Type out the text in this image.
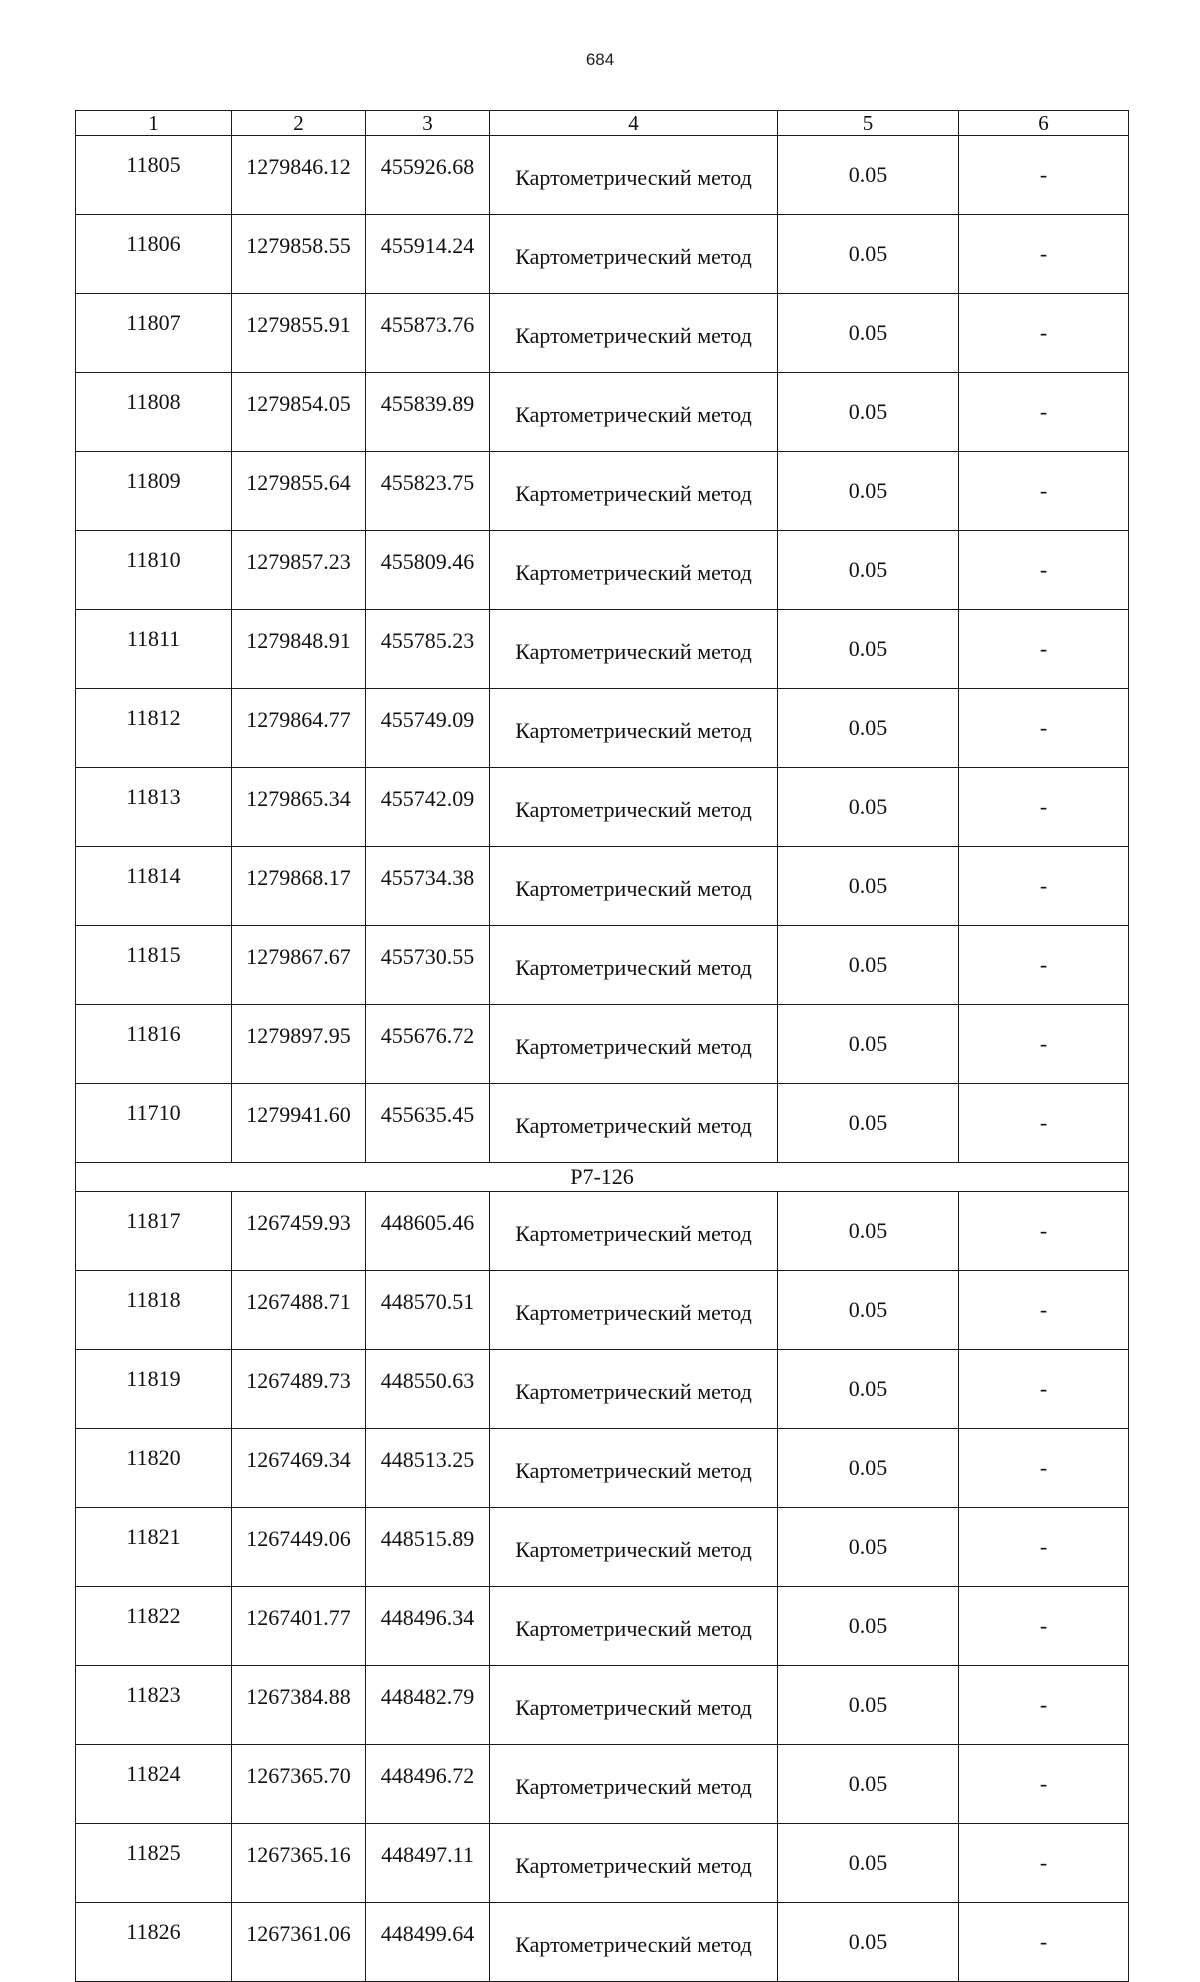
684
1	2	3	4	5	6
11805	1279846.12	455926.68	Картометрический метод	0.05	-
11806	1279858.55	455914.24	Картометрический метод	0.05	-
11807	1279855.91	455873.76	Картометрический метод	0.05	-
11808	1279854.05	455839.89	Картометрический метод	0.05	-
11809	1279855.64	455823.75	Картометрический метод	0.05	-
11810	1279857.23	455809.46	Картометрический метод	0.05	-
11811	1279848.91	455785.23	Картометрический метод	0.05	-
11812	1279864.77	455749.09	Картометрический метод	0.05	-
11813	1279865.34	455742.09	Картометрический метод	0.05	-
11814	1279868.17	455734.38	Картометрический метод	0.05	-
11815	1279867.67	455730.55	Картометрический метод	0.05	-
11816	1279897.95	455676.72	Картометрический метод	0.05	-
11710	1279941.60	455635.45	Картометрический метод	0.05	-
Р7-126					
11817	1267459.93	448605.46	Картометрический метод	0.05	-
11818	1267488.71	448570.51	Картометрический метод	0.05	-
11819	1267489.73	448550.63	Картометрический метод	0.05	-
11820	1267469.34	448513.25	Картометрический метод	0.05	-
11821	1267449.06	448515.89	Картометрический метод	0.05	-
11822	1267401.77	448496.34	Картометрический метод	0.05	-
11823	1267384.88	448482.79	Картометрический метод	0.05	-
11824	1267365.70	448496.72	Картометрический метод	0.05	-
11825	1267365.16	448497.11	Картометрический метод	0.05	-
11826	1267361.06	448499.64	Картометрический метод	0.05	-
